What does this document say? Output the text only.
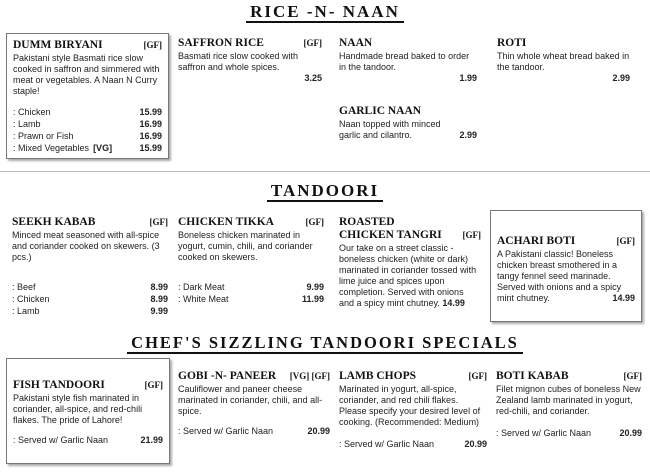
RICE -N- NAAN
DUMM BIRYANI	[GF]
Pakistani style Basmati rice slow cooked in saffron and simmered with meat or vegetables. A Naan N Curry staple!
: Chicken	15.99
: Lamb	16.99
: Prawn or Fish	16.99
: Mixed Vegetables [VG]	15.99
SAFFRON RICE	[GF]
Basmati rice slow cooked with saffron and whole spices.
3.25
NAAN
Handmade bread baked to order in the tandoor.
1.99
ROTI
Thin whole wheat bread baked in the tandoor.
2.99
GARLIC NAAN
Naan topped with minced garlic and cilantro.	2.99
TANDOORI
SEEKH KABAB	[GF]
Minced meat seasoned with all-spice and coriander cooked on skewers. (3 pcs.)
: Beef	8.99
: Chicken	8.99
: Lamb	9.99
CHICKEN TIKKA	[GF]
Boneless chicken marinated in yogurt, cumin, chili, and coriander cooked on skewers.
: Dark Meat	9.99
: White Meat	11.99
ROASTED CHICKEN TANGRI	[GF]
Our take on a street classic - boneless chicken (white or dark) marinated in coriander tossed with lime juice and spices upon completion. Served with onions and a spicy mint chutney. 14.99
ACHARI BOTI	[GF]
A Pakistani classic! Boneless chicken breast smothered in a tangy fennel seed marinade. Served with onions and a spicy mint chutney.	14.99
CHEF'S SIZZLING TANDOORI SPECIALS
FISH TANDOORI	[GF]
Pakistani style fish marinated in coriander, all-spice, and red-chili flakes. The pride of Lahore!
: Served w/ Garlic Naan	21.99
GOBI -N- PANEER [VG] [GF]
Cauliflower and paneer cheese marinated in coriander, chili, and all-spice.
: Served w/ Garlic Naan	20.99
LAMB CHOPS	[GF]
Marinated in yogurt, all-spice, coriander, and red chili flakes. Please specify your desired level of cooking. (Recommended: Medium)
: Served w/ Garlic Naan	20.99
BOTI KABAB	[GF]
Filet mignon cubes of boneless New Zealand lamb marinated in yogurt, red-chili, and coriander.
: Served w/ Garlic Naan	20.99
